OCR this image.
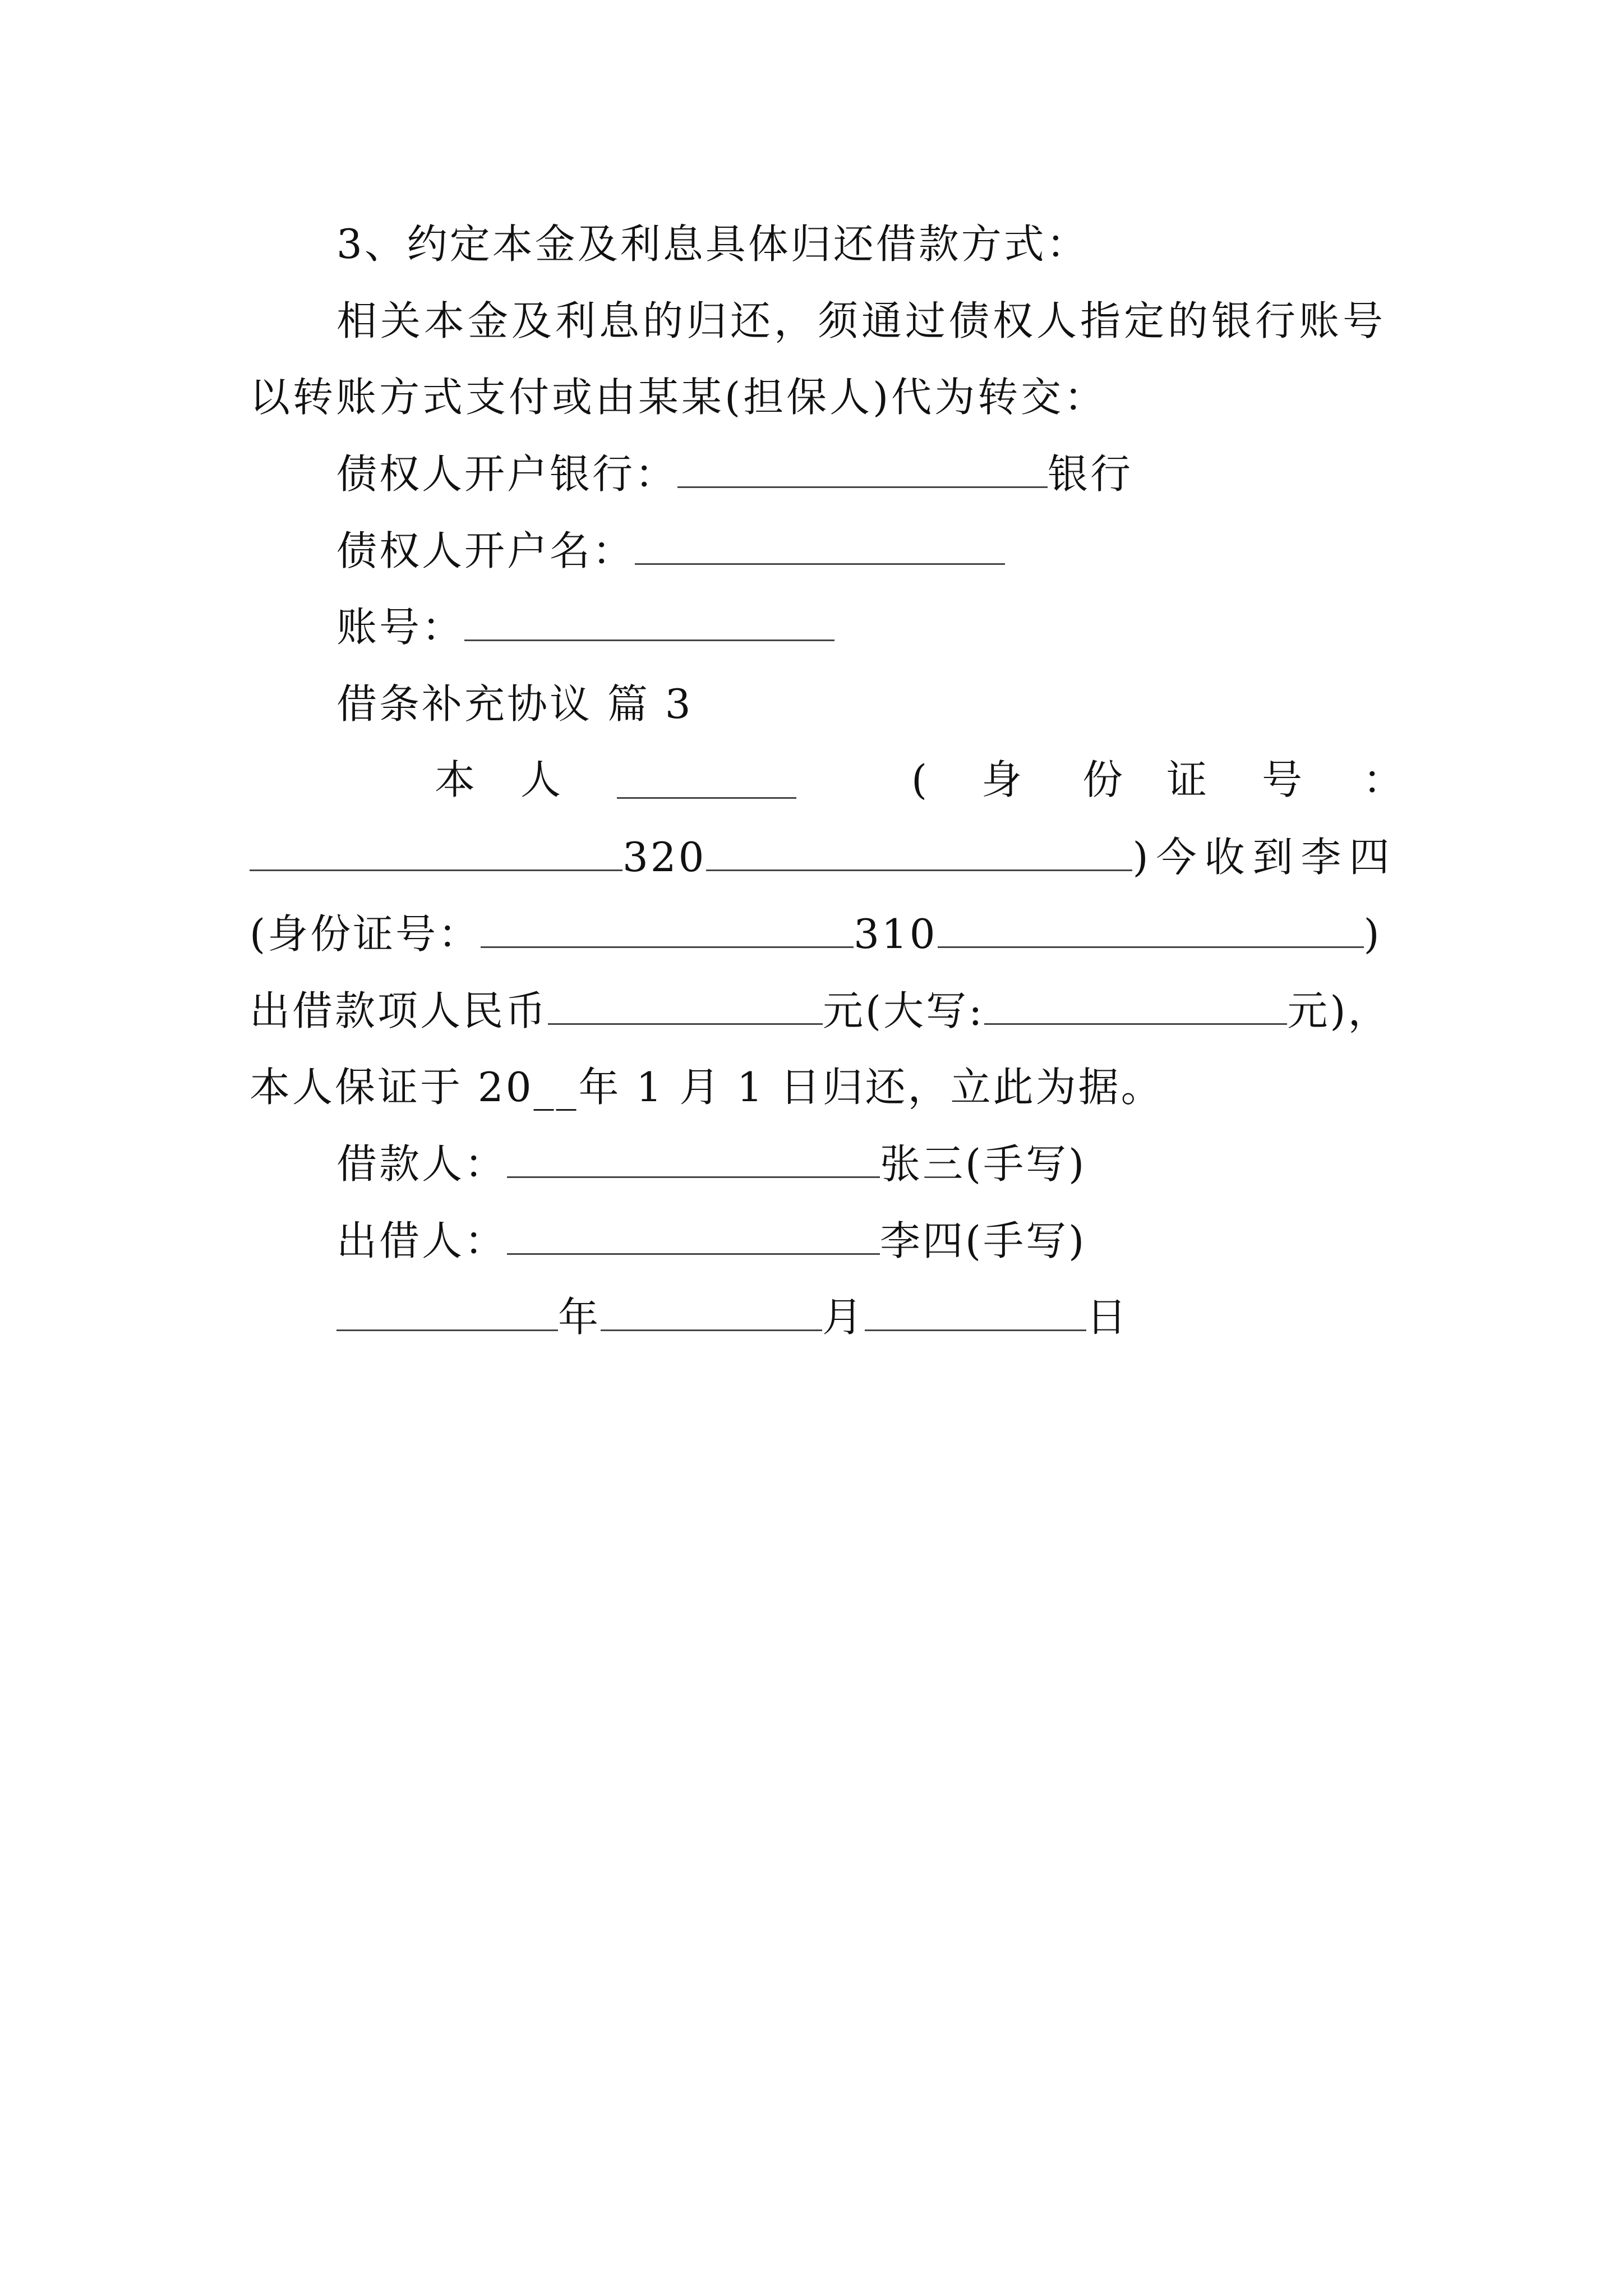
3、约定本金及利息具体归还借款方式：
相关本金及利息的归还，须通过债权人指定的银行账号
以转账方式支付或由某某(担保人)代为转交：
债权人开户银行：	银行
债权人开户名：
账号：
借条补充协议 篇 3
本 人	( 身 份 证 号 ：
320	)今收到李四
(身份证号：	310	)
出借款项人民币	元(大写:	元)，
本人保证于 20__年 1 月 1 日归还，立此为据。
借款人：	张三(手写)
出借人：	李四(手写)
年	月	日
